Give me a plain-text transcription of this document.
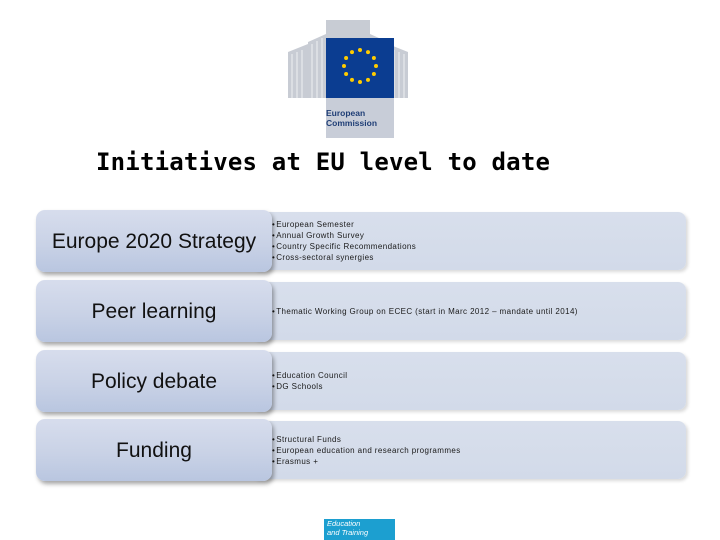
European
Commission
Initiatives at EU level to date
• European Semester
• Annual Growth Survey
• Country Specific Recommendations
• Cross-sectoral synergies
Europe 2020 Strategy
• Thematic Working Group on ECEC (start in Marc 2012 – mandate until 2014)
Peer learning
• Education Council
• DG Schools
Policy debate
• Structural Funds
• European education and research programmes
• Erasmus +
Funding
Education
and Training
